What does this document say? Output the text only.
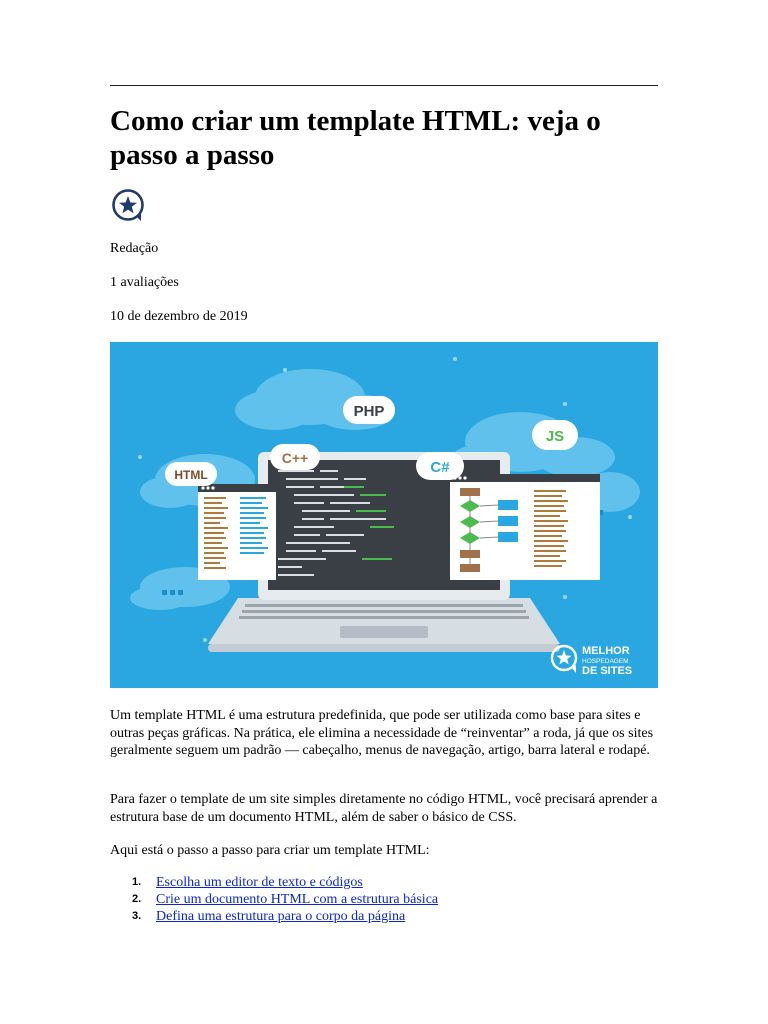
Como criar um template HTML: veja o passo a passo

Redação

1 avaliações

10 de dezembro de 2019

HTML
C++
PHP
C#
JS
MELHOR
HOSPEDAGEM
DE SITES

Um template HTML é uma estrutura predefinida, que pode ser utilizada como base para sites e outras peças gráficas. Na prática, ele elimina a necessidade de “reinventar” a roda, já que os sites geralmente seguem um padrão — cabeçalho, menus de navegação, artigo, barra lateral e rodapé.

Para fazer o template de um site simples diretamente no código HTML, você precisará aprender a estrutura base de um documento HTML, além de saber o básico de CSS.

Aqui está o passo a passo para criar um template HTML:

1. Escolha um editor de texto e códigos
2. Crie um documento HTML com a estrutura básica
3. Defina uma estrutura para o corpo da página
